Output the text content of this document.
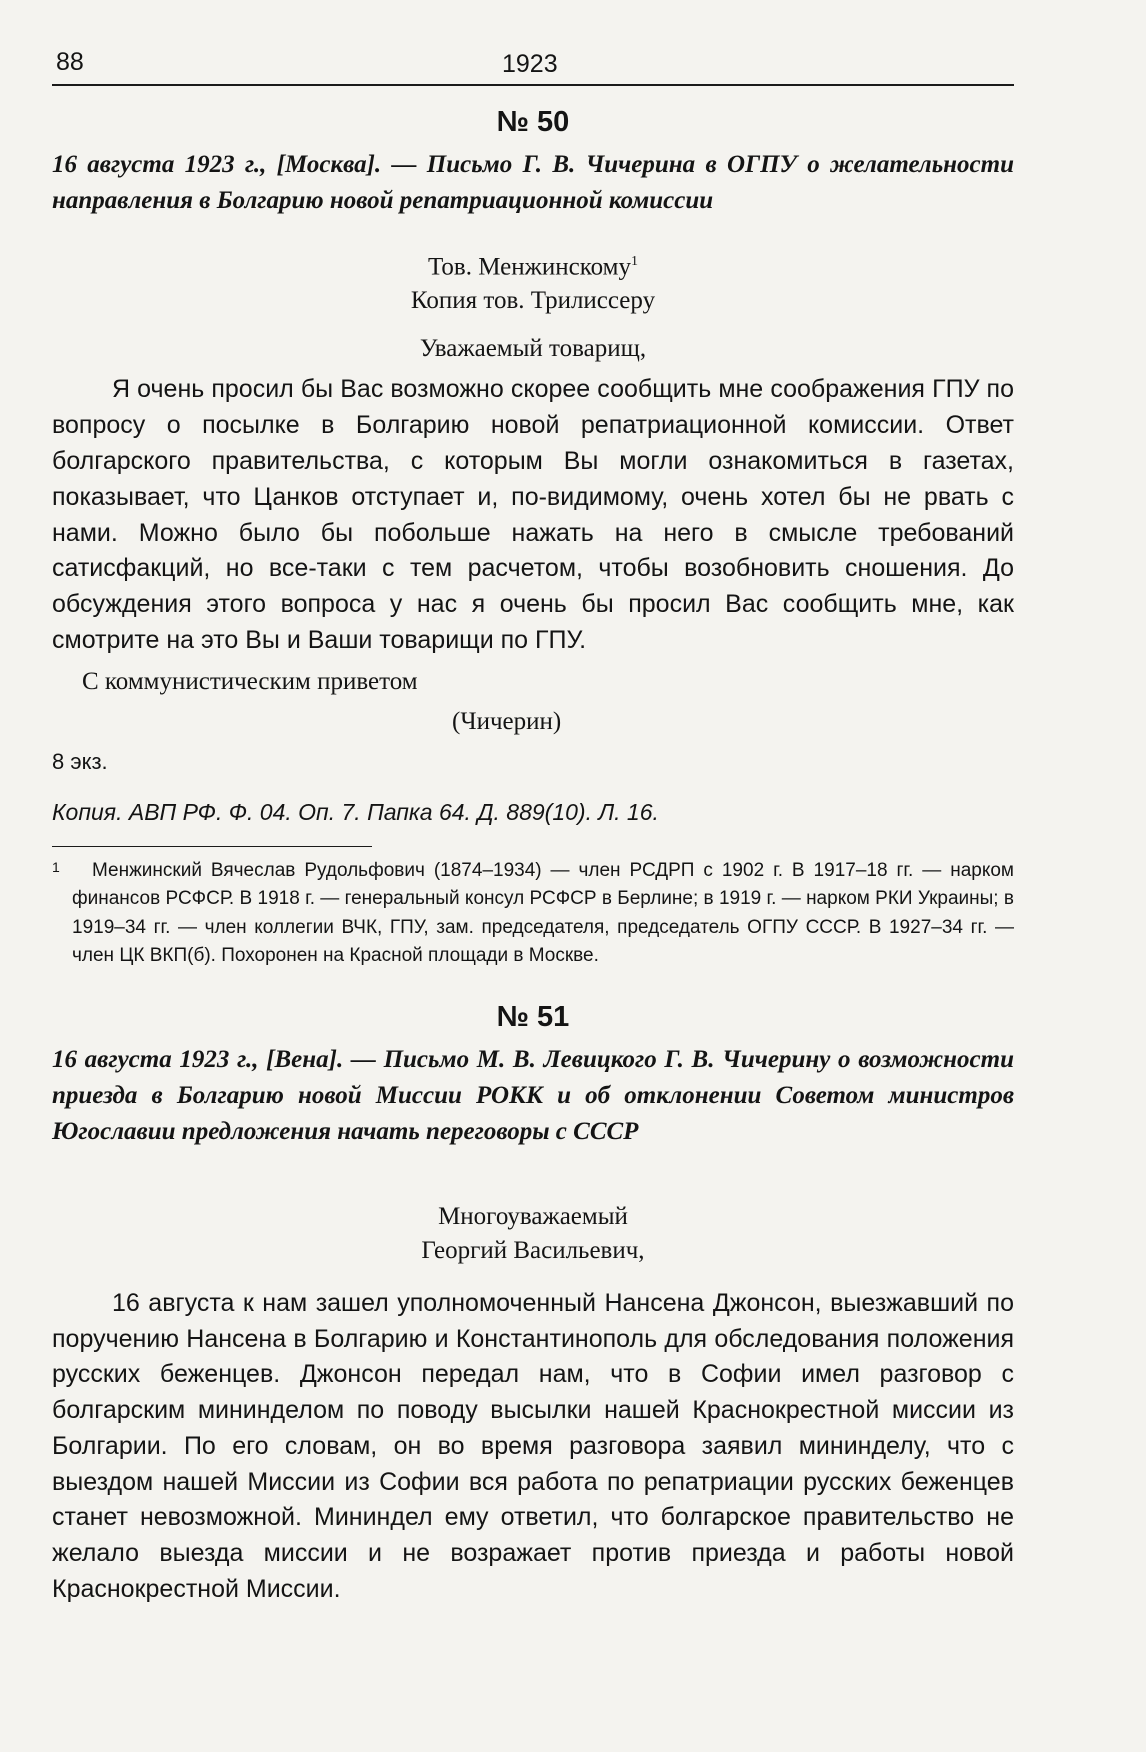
88	1923
№ 50

16 августа 1923 г., [Москва]. — Письмо Г. В. Чичерина в ОГПУ о желательности направления в Болгарию новой репатриационной комиссии

Тов. Менжинскому$^1$
Копия тов. Трилиссеру
Уважаемый товарищ,

Я очень просил бы Вас возможно скорее сообщить мне соображения ГПУ по вопросу о посылке в Болгарию новой репатриационной комиссии. Ответ болгарского правительства, с которым Вы могли ознакомиться в газетах, показывает, что Цанков отступает и, по-видимому, очень хотел бы не рвать с нами. Можно было бы побольше нажать на него в смысле требований сатисфакций, но все-таки с тем расчетом, чтобы возобновить сношения. До обсуждения этого вопроса у нас я очень бы просил Вас сообщить мне, как смотрите на это Вы и Ваши товарищи по ГПУ.

С коммунистическим приветом
(Чичерин)
8 экз.
Копия. АВП РФ. Ф. 04. Оп. 7. Папка 64. Д. 889(10). Л. 16.

1	Менжинский Вячеслав Рудольфович (1874–1934) — член РСДРП с 1902 г. В 1917–18 гг. — нарком финансов РСФСР. В 1918 г. — генеральный консул РСФСР в Берлине; в 1919 г. — нарком РКИ Украины; в 1919–34 гг. — член коллегии ВЧК, ГПУ, зам. председателя, председатель ОГПУ СССР. В 1927–34 гг. — член ЦК ВКП(б). Похоронен на Красной площади в Москве.

№ 51

16 августа 1923 г., [Вена]. — Письмо М. В. Левицкого Г. В. Чичерину о возможности приезда в Болгарию новой Миссии РОКК и об отклонении Советом министров Югославии предложения начать переговоры с СССР

Многоуважаемый
Георгий Васильевич,

16 августа к нам зашел уполномоченный Нансена Джонсон, выезжавший по поручению Нансена в Болгарию и Константинополь для обследования положения русских беженцев. Джонсон передал нам, что в Софии имел разговор с болгарским мининделом по поводу высылки нашей Краснокрестной миссии из Болгарии. По его словам, он во время разговора заявил мининделу, что с выездом нашей Миссии из Софии вся работа по репатриации русских беженцев станет невозможной. Мининдел ему ответил, что болгарское правительство не желало выезда миссии и не возражает против приезда и работы новой Краснокрестной Миссии.
